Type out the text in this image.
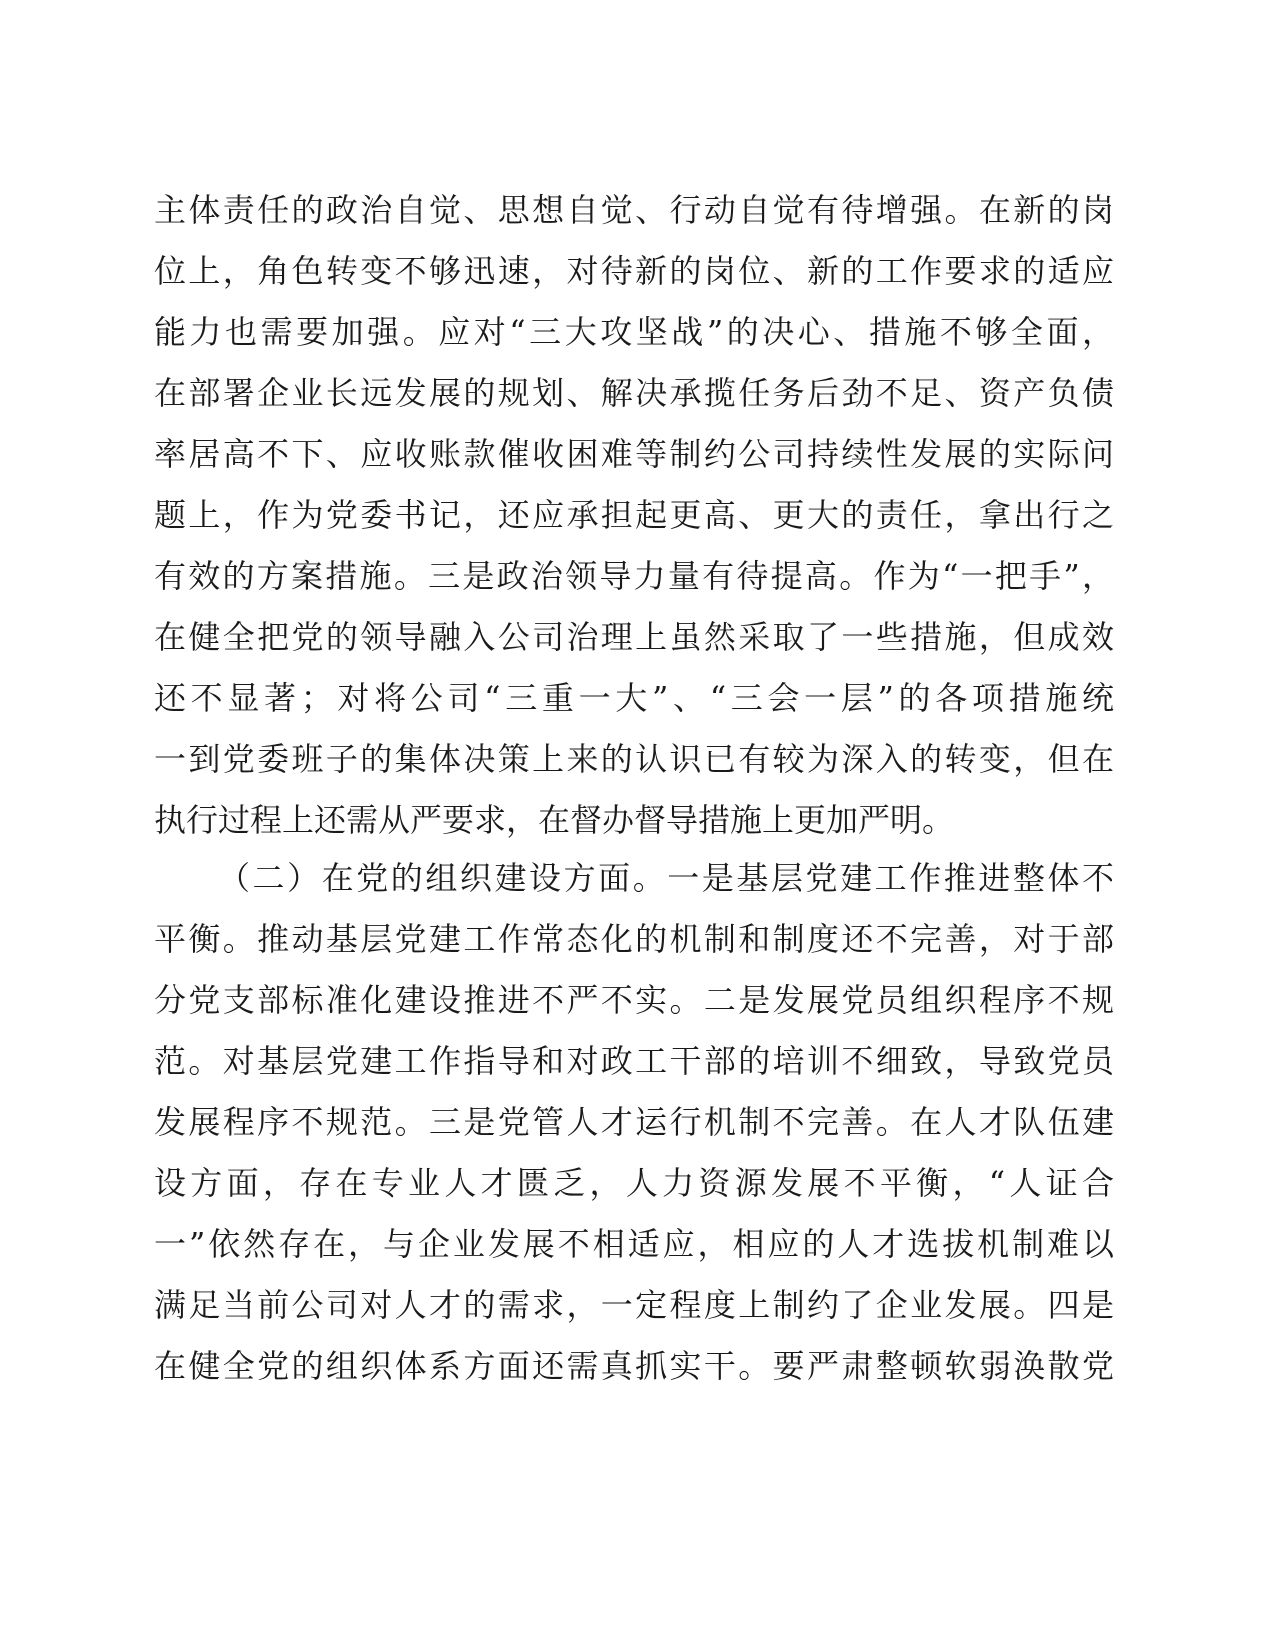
主体责任的政治自觉、思想自觉、行动自觉有待增强。在新的岗
位上，角色转变不够迅速，对待新的岗位、新的工作要求的适应
能力也需要加强。应对“三大攻坚战”的决心、措施不够全面，
在部署企业长远发展的规划、解决承揽任务后劲不足、资产负债
率居高不下、应收账款催收困难等制约公司持续性发展的实际问
题上，作为党委书记，还应承担起更高、更大的责任，拿出行之
有效的方案措施。三是政治领导力量有待提高。作为“一把手”，
在健全把党的领导融入公司治理上虽然采取了一些措施，但成效
还不显著；对将公司“三重一大”、“三会一层”的各项措施统
一到党委班子的集体决策上来的认识已有较为深入的转变，但在
执行过程上还需从严要求，在督办督导措施上更加严明。
（二）在党的组织建设方面。一是基层党建工作推进整体不
平衡。推动基层党建工作常态化的机制和制度还不完善，对于部
分党支部标准化建设推进不严不实。二是发展党员组织程序不规
范。对基层党建工作指导和对政工干部的培训不细致，导致党员
发展程序不规范。三是党管人才运行机制不完善。在人才队伍建
设方面，存在专业人才匮乏，人力资源发展不平衡，“人证合
一”依然存在，与企业发展不相适应，相应的人才选拔机制难以
满足当前公司对人才的需求，一定程度上制约了企业发展。四是
在健全党的组织体系方面还需真抓实干。要严肃整顿软弱涣散党
